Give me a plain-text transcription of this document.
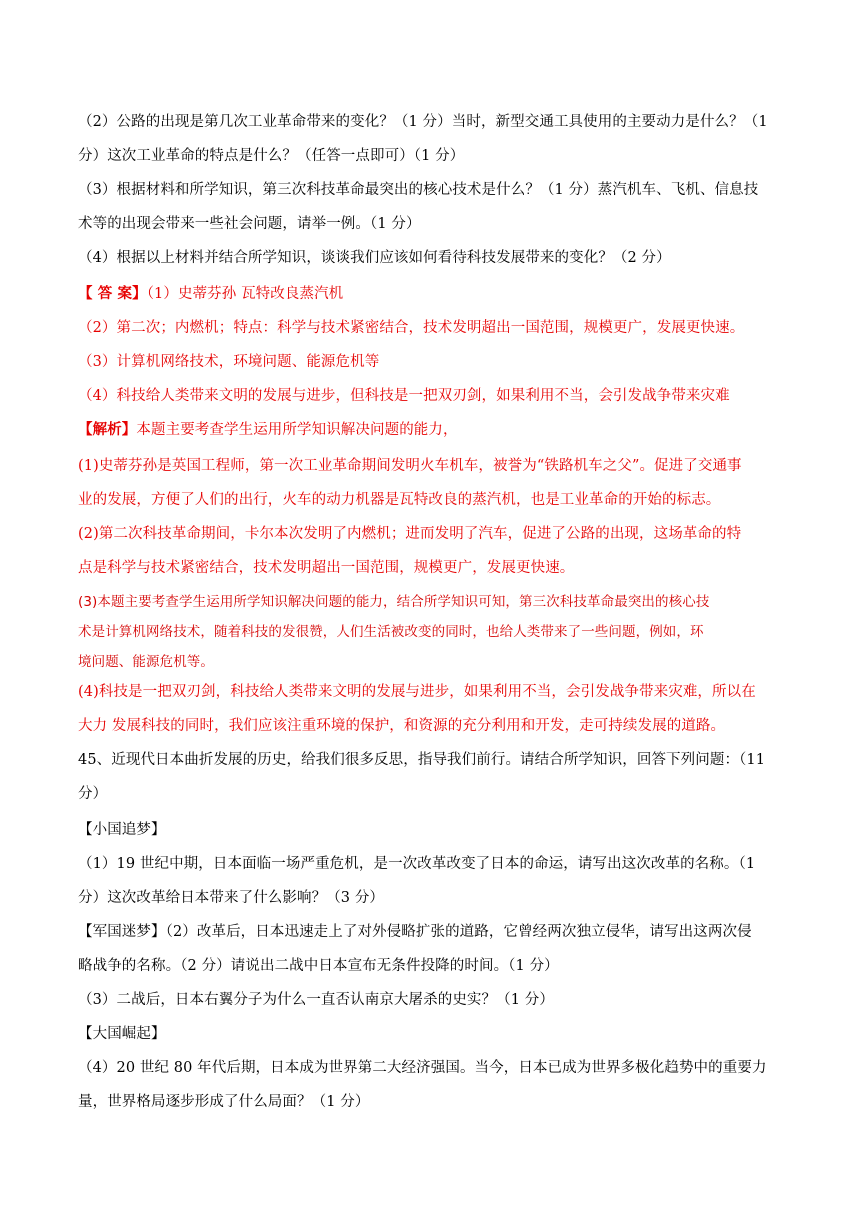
（2）公路的出现是第几次工业革命带来的变化？（1 分）当时，新型交通工具使用的主要动力是什么？（1
分）这次工业革命的特点是什么？（任答一点即可）（1 分）
（3）根据材料和所学知识，第三次科技革命最突出的核心技术是什么？（1 分）蒸汽机车、飞机、信息技
术等的出现会带来一些社会问题，请举一例。（1 分）
（4）根据以上材料并结合所学知识，谈谈我们应该如何看待科技发展带来的变化？（2 分）
【 答 案】（1）史蒂芬孙 瓦特改良蒸汽机
（2）第二次；内燃机；特点：科学与技术紧密结合，技术发明超出一国范围，规模更广，发展更快速。
（3）计算机网络技术，环境问题、能源危机等
（4）科技给人类带来文明的发展与进步，但科技是一把双刃剑，如果利用不当，会引发战争带来灾难
【解析】本题主要考查学生运用所学知识解决问题的能力，
(1)史蒂芬孙是英国工程师，第一次工业革命期间发明火车机车，被誉为“铁路机车之父”。促进了交通事
业的发展，方便了人们的出行，火车的动力机器是瓦特改良的蒸汽机，也是工业革命的开始的标志。
(2)第二次科技革命期间，卡尔本次发明了内燃机；进而发明了汽车，促进了公路的出现，这场革命的特
点是科学与技术紧密结合，技术发明超出一国范围，规模更广，发展更快速。
(3)本题主要考查学生运用所学知识解决问题的能力，结合所学知识可知，第三次科技革命最突出的核心技
术是计算机网络技术，随着科技的发很赞，人们生活被改变的同时，也给人类带来了一些问题，例如，环
境问题、能源危机等。
(4)科技是一把双刃剑，科技给人类带来文明的发展与进步，如果利用不当，会引发战争带来灾难，所以在
大力 发展科技的同时，我们应该注重环境的保护，和资源的充分利用和开发，走可持续发展的道路。
45、近现代日本曲折发展的历史，给我们很多反思，指导我们前行。请结合所学知识，回答下列问题：（11
分）
【小国追梦】
（1）19 世纪中期，日本面临一场严重危机，是一次改革改变了日本的命运，请写出这次改革的名称。（1
分）这次改革给日本带来了什么影响？（3 分）
【军国迷梦】（2）改革后，日本迅速走上了对外侵略扩张的道路，它曾经两次独立侵华，请写出这两次侵
略战争的名称。（2 分）请说出二战中日本宣布无条件投降的时间。（1 分）
（3）二战后，日本右翼分子为什么一直否认南京大屠杀的史实？（1 分）
【大国崛起】
（4）20 世纪 80 年代后期，日本成为世界第二大经济强国。当今，日本已成为世界多极化趋势中的重要力
量，世界格局逐步形成了什么局面？（1 分）
